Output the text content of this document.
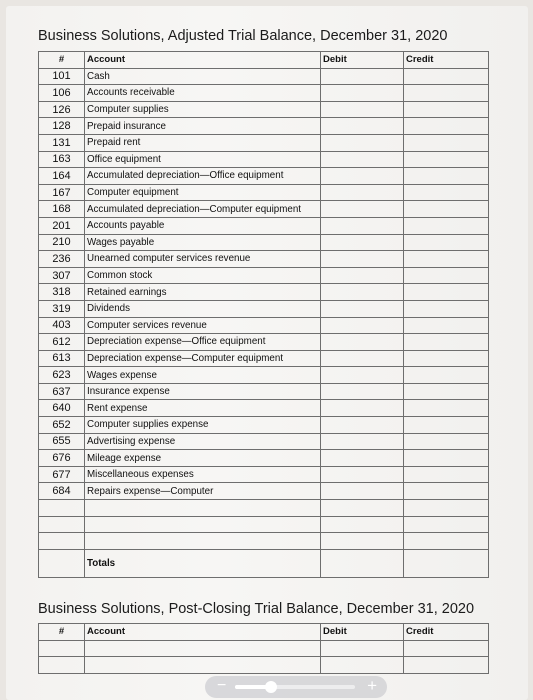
Business Solutions, Adjusted Trial Balance, December 31, 2020
#	Account	Debit	Credit
101	Cash		
106	Accounts receivable		
126	Computer supplies		
128	Prepaid insurance		
131	Prepaid rent		
163	Office equipment		
164	Accumulated depreciation—Office equipment		
167	Computer equipment		
168	Accumulated depreciation—Computer equipment		
201	Accounts payable		
210	Wages payable		
236	Unearned computer services revenue		
307	Common stock		
318	Retained earnings		
319	Dividends		
403	Computer services revenue		
612	Depreciation expense—Office equipment		
613	Depreciation expense—Computer equipment		
623	Wages expense		
637	Insurance expense		
640	Rent expense		
652	Computer supplies expense		
655	Advertising expense		
676	Mileage expense		
677	Miscellaneous expenses		
684	Repairs expense—Computer		

	Totals		
Business Solutions, Post-Closing Trial Balance, December 31, 2020
#	Account	Debit	Credit

−	+
